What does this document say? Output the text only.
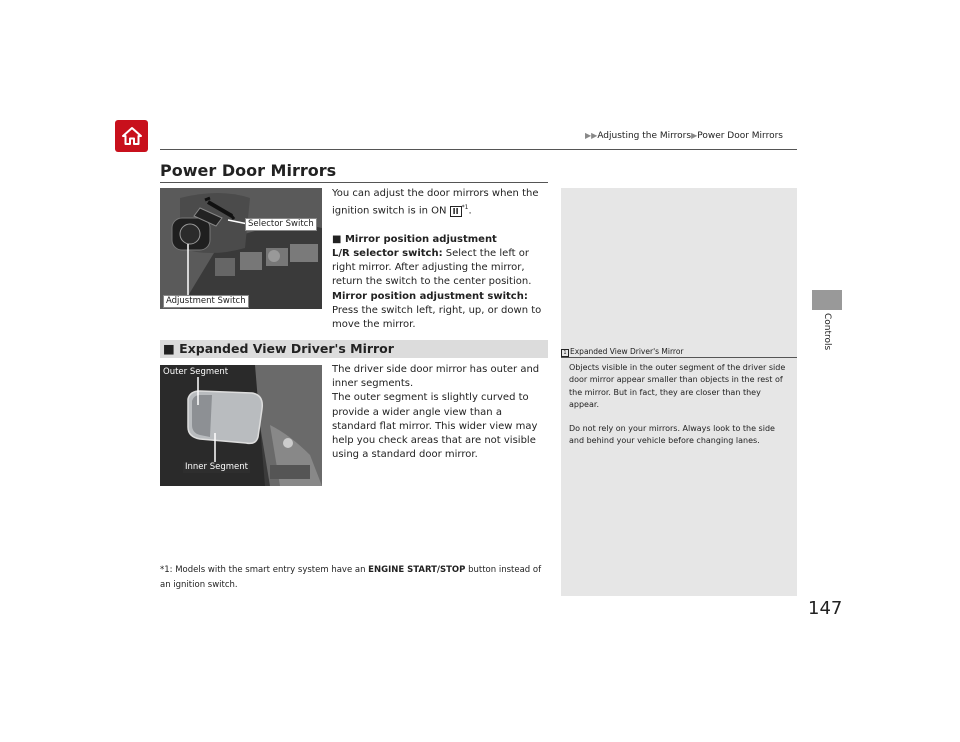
▶▶Adjusting the Mirrors▶Power Door Mirrors
Controls
Power Door Mirrors
Selector Switch
Adjustment Switch
You can adjust the door mirrors when the ignition switch is in ON II $^{*1}$.
■ Mirror position adjustment
L/R selector switch: Select the left or right mirror. After adjusting the mirror, return the switch to the center position.
Mirror position adjustment switch: Press the switch left, right, up, or down to move the mirror.
■ Expanded View Driver's Mirror
Outer Segment
Inner Segment
The driver side door mirror has outer and inner segments.
The outer segment is slightly curved to provide a wider angle view than a standard flat mirror. This wider view may help you check areas that are not visible using a standard door mirror.
*1: Models with the smart entry system have an ENGINE START/STOP button instead of an ignition switch.
1 Expanded View Driver's Mirror

Objects visible in the outer segment of the driver side door mirror appear smaller than objects in the rest of the mirror. But in fact, they are closer than they appear.

Do not rely on your mirrors. Always look to the side and behind your vehicle before changing lanes.

147
